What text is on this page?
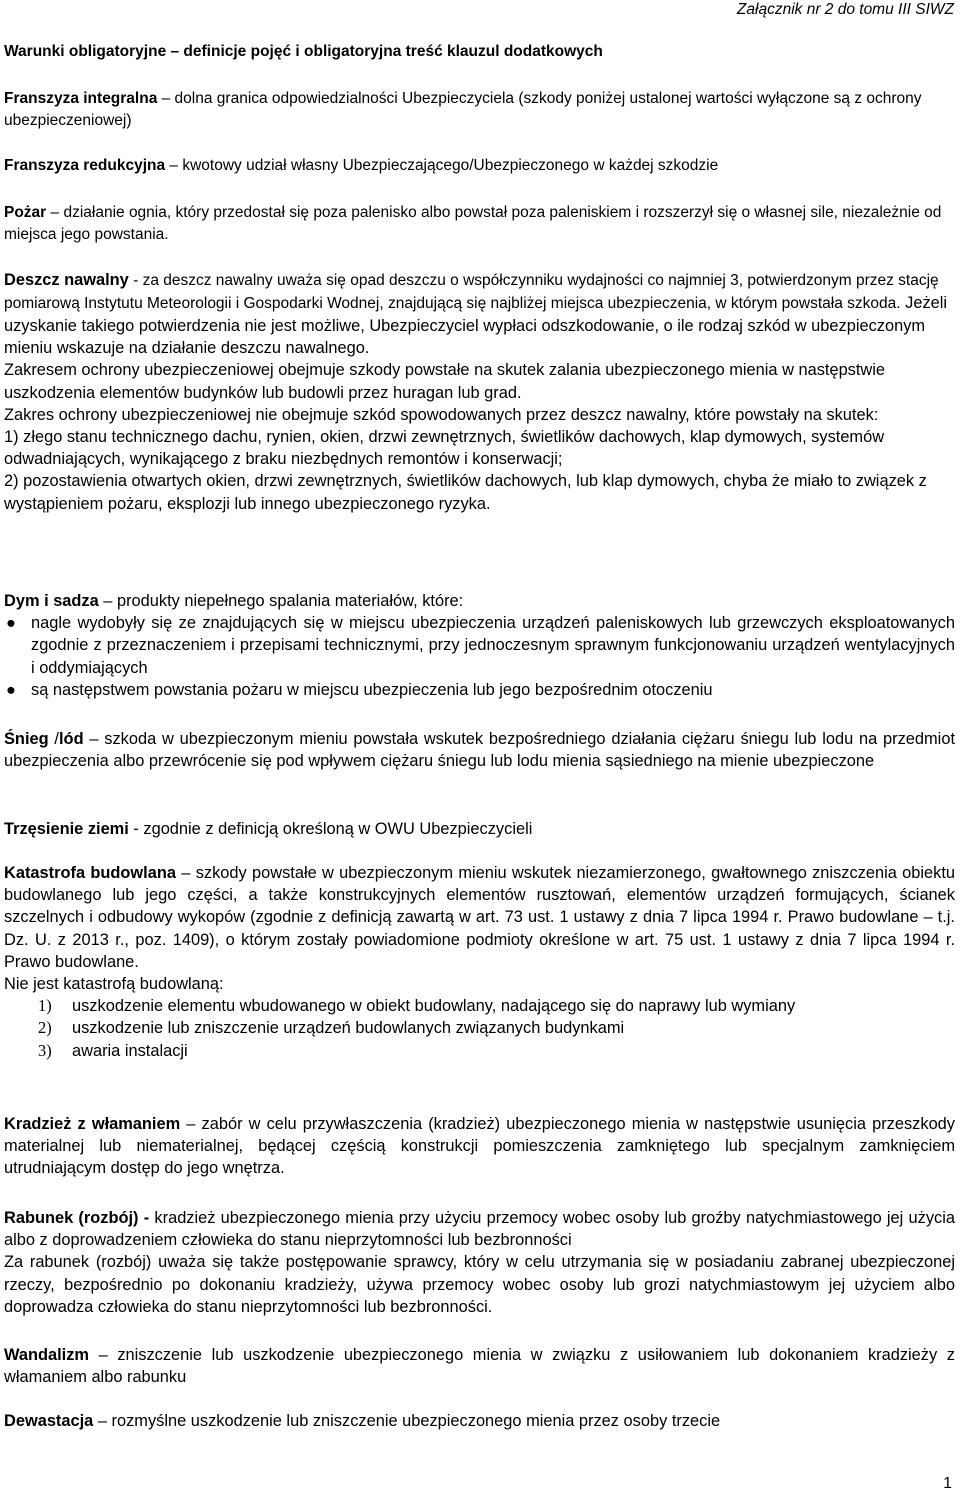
Załącznik nr 2 do tomu III SIWZ
Warunki obligatoryjne – definicje pojęć i obligatoryjna treść klauzul dodatkowych

Franszyza integralna – dolna granica odpowiedzialności Ubezpieczyciela (szkody poniżej ustalonej wartości wyłączone są z ochrony ubezpieczeniowej)

Franszyza redukcyjna – kwotowy udział własny Ubezpieczającego/Ubezpieczonego w każdej szkodzie

Pożar – działanie ognia, który przedostał się poza palenisko albo powstał poza paleniskiem i rozszerzył się o własnej sile, niezależnie od miejsca jego powstania.

Deszcz nawalny - za deszcz nawalny uważa się opad deszczu o współczynniku wydajności co najmniej 3, potwierdzonym przez stację pomiarową Instytutu Meteorologii i Gospodarki Wodnej, znajdującą się najbliżej miejsca ubezpieczenia, w którym powstała szkoda. Jeżeli uzyskanie takiego potwierdzenia nie jest możliwe, Ubezpieczyciel wypłaci odszkodowanie, o ile rodzaj szkód w ubezpieczonym mieniu wskazuje na działanie deszczu nawalnego.

Zakresem ochrony ubezpieczeniowej obejmuje szkody powstałe na skutek zalania ubezpieczonego mienia w następstwie uszkodzenia elementów budynków lub budowli przez huragan lub grad.

Zakres ochrony ubezpieczeniowej nie obejmuje szkód spowodowanych przez deszcz nawalny, które powstały na skutek:

1) złego stanu technicznego dachu, rynien, okien, drzwi zewnętrznych, świetlików dachowych, klap dymowych, systemów odwadniających, wynikającego z braku niezbędnych remontów i konserwacji;

2) pozostawienia otwartych okien, drzwi zewnętrznych, świetlików dachowych, lub klap dymowych, chyba że miało to związek z wystąpieniem pożaru, eksplozji lub innego ubezpieczonego ryzyka.

Dym i sadza – produkty niepełnego spalania materiałów, które:

● nagle wydobyły się ze znajdujących się w miejscu ubezpieczenia urządzeń paleniskowych lub grzewczych eksploatowanych zgodnie z przeznaczeniem i przepisami technicznymi, przy jednoczesnym sprawnym funkcjonowaniu urządzeń wentylacyjnych i oddymiających
● są następstwem powstania pożaru w miejscu ubezpieczenia lub jego bezpośrednim otoczeniu

Śnieg /lód – szkoda w ubezpieczonym mieniu powstała wskutek bezpośredniego działania ciężaru śniegu lub lodu na przedmiot ubezpieczenia albo przewrócenie się pod wpływem ciężaru śniegu lub lodu mienia sąsiedniego na mienie ubezpieczone

Trzęsienie ziemi - zgodnie z definicją określoną w OWU Ubezpieczycieli

Katastrofa budowlana – szkody powstałe w ubezpieczonym mieniu wskutek niezamierzonego, gwałtownego zniszczenia obiektu budowlanego lub jego części, a także konstrukcyjnych elementów rusztowań, elementów urządzeń formujących, ścianek szczelnych i odbudowy wykopów (zgodnie z definicją zawartą w art. 73 ust. 1 ustawy z dnia 7 lipca 1994 r. Prawo budowlane – t.j. Dz. U. z 2013 r., poz. 1409), o którym zostały powiadomione podmioty określone w art. 75 ust. 1 ustawy z dnia 7 lipca 1994 r. Prawo budowlane.

Nie jest katastrofą budowlaną:

1)	uszkodzenie elementu wbudowanego w obiekt budowlany, nadającego się do naprawy lub wymiany
2)	uszkodzenie lub zniszczenie urządzeń budowlanych związanych budynkami
3)	awaria instalacji

Kradzież z włamaniem – zabór w celu przywłaszczenia (kradzież) ubezpieczonego mienia w następstwie usunięcia przeszkody materialnej lub niematerialnej, będącej częścią konstrukcji pomieszczenia zamkniętego lub specjalnym zamknięciem utrudniającym dostęp do jego wnętrza.

Rabunek (rozbój) - kradzież ubezpieczonego mienia przy użyciu przemocy wobec osoby lub groźby natychmiastowego jej użycia albo z doprowadzeniem człowieka do stanu nieprzytomności lub bezbronności

Za rabunek (rozbój) uważa się także postępowanie sprawcy, który w celu utrzymania się w posiadaniu zabranej ubezpieczonej rzeczy, bezpośrednio po dokonaniu kradzieży, używa przemocy wobec osoby lub grozi natychmiastowym jej użyciem albo doprowadza człowieka do stanu nieprzytomności lub bezbronności.

Wandalizm – zniszczenie lub uszkodzenie ubezpieczonego mienia w związku z usiłowaniem lub dokonaniem kradzieży z włamaniem albo rabunku

Dewastacja – rozmyślne uszkodzenie lub zniszczenie ubezpieczonego mienia przez osoby trzecie

1
